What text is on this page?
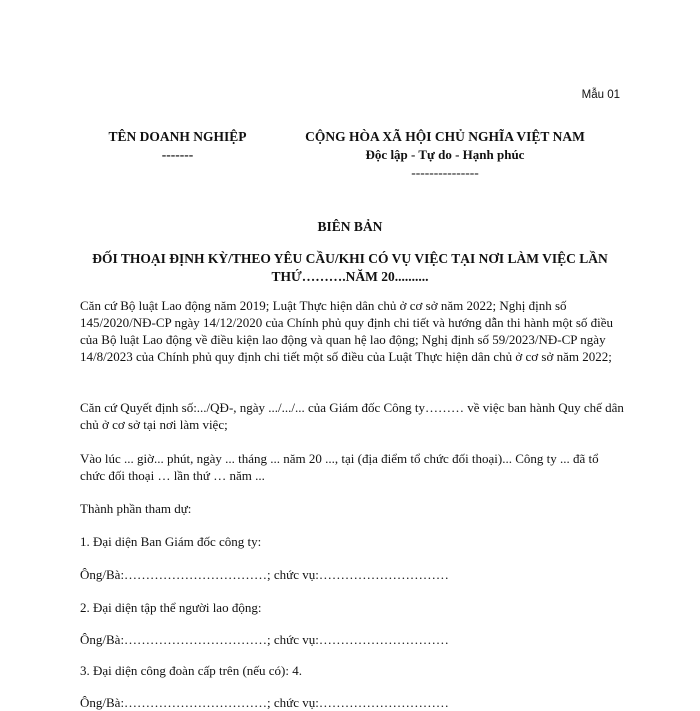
Mẫu 01
TÊN DOANH NGHIỆP
-------
CỘNG HÒA XÃ HỘI CHỦ NGHĨA VIỆT NAM
Độc lập - Tự do - Hạnh phúc
---------------
BIÊN BẢN
ĐỐI THOẠI ĐỊNH KỲ/THEO YÊU CẦU/KHI CÓ VỤ VIỆC TẠI NƠI LÀM VIỆC LẦN THỨ……….NĂM 20..........
Căn cứ Bộ luật Lao động năm 2019; Luật Thực hiện dân chủ ở cơ sở năm 2022; Nghị định số 145/2020/NĐ-CP ngày 14/12/2020 của Chính phủ quy định chi tiết và hướng dẫn thi hành một số điều của Bộ luật Lao động về điều kiện lao động và quan hệ lao động; Nghị định số 59/2023/NĐ-CP ngày 14/8/2023 của Chính phủ quy định chi tiết một số điều của Luật Thực hiện dân chủ ở cơ sở năm 2022;
Căn cứ Quyết định số:.../QĐ-, ngày .../.../... của Giám đốc Công ty……… về việc ban hành Quy chế dân chủ ở cơ sở tại nơi làm việc;
Vào lúc ... giờ... phút, ngày ... tháng ... năm 20 ..., tại (địa điểm tổ chức đối thoại)... Công ty ... đã tổ chức đối thoại … lần thứ … năm ...
Thành phần tham dự:
1. Đại diện Ban Giám đốc công ty:
Ông/Bà:……………………………; chức vụ:…………………………
2. Đại diện tập thể người lao động:
Ông/Bà:……………………………; chức vụ:…………………………
3. Đại diện công đoàn cấp trên (nếu có): 4.
Ông/Bà:……………………………; chức vụ:…………………………
